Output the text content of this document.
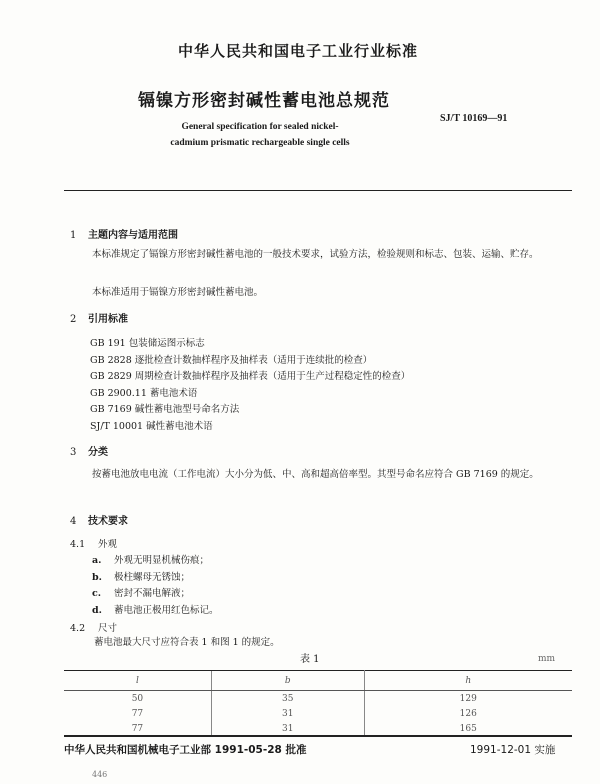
中华人民共和国电子工业行业标准
镉镍方形密封碱性蓄电池总规范
SJ/T 10169—91
General specification for sealed nickel-cadmium prismatic rechargeable single cells
1 主题内容与适用范围
本标准规定了镉镍方形密封碱性蓄电池的一般技术要求，试验方法，检验规则和标志、包装、运输、贮存。
本标准适用于镉镍方形密封碱性蓄电池。
2 引用标准
GB 191 包装储运图示标志
GB 2828 逐批检查计数抽样程序及抽样表（适用于连续批的检查）
GB 2829 周期检查计数抽样程序及抽样表（适用于生产过程稳定性的检查）
GB 2900.11 蓄电池术语
GB 7169 碱性蓄电池型号命名方法
SJ/T 10001 碱性蓄电池术语
3 分类
按蓄电池放电电流（工作电流）大小分为低、中、高和超高倍率型。其型号命名应符合 GB 7169 的规定。
4 技术要求
4.1 外观
a. 外观无明显机械伤痕；
b. 极柱螺母无锈蚀；
c. 密封不漏电解液；
d. 蓄电池正极用红色标记。
4.2 尺寸
蓄电池最大尺寸应符合表 1 和图 1 的规定。
表 1	mm
l	b	h
50	35	129
77	31	126
77	31	165
中华人民共和国机械电子工业部 1991-05-28 批准	1991-12-01 实施
446
